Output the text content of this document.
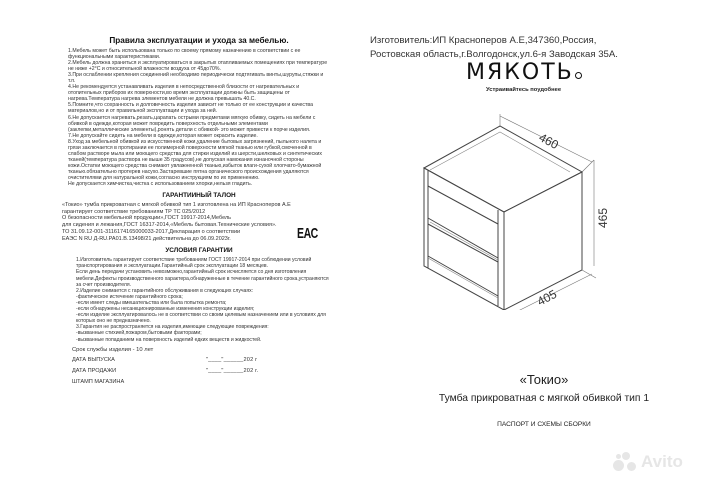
Правила эксплуатации и ухода за мебелью.

1.Мебель может быть использована только по своему прямому назначению в соответствии с ее функциональными характеристиками.

2.Мебель должна храниться и эксплуатироваться в закрытых отапливаемых помещениях при температуре не ниже +2°С и относительной влажности воздуха от 45до70%.

3.При ослаблении крепления соединений необходимо периодически подтягивать винты,шурупы,стяжки и т.п.

4.Не рекомендуется устанавливать изделия в непосредственной близости от нагревательных и отопительных приборов их поверхности,во время эксплуатации должны быть защищены от нагрева.Температура нагрева элементов мебели не должна превышать 40.С.

5.Помните,что сохранность и долговечность изделия зависит не только от ее конструкции и качества материалов,но и от правильной эксплуатации и ухода за ней.

6.Не допускается нагревать,резать,царапать острыми предметами мягкую обивку, сидеть на мебели с обивкой в одежде,которая может повредить поверхность отдельными элементами (заклепки,металлические элементы),ронять детали с обивкой- это может привести к порче изделия.

7.Не допускайте сидеть на мебели в одежде,которая может окрасить изделие.

8.Уход за мебельной обивкой из искусственной кожи,удаление бытовых загрязнений, пыльного налета и грязи заключается в протирании ее полимерной поверхности мягкой тканью или губкой,смоченной в слабом растворе мыла или моющего средства для стирки изделий из шерсти,шелковых и синтетических тканей(температура раствора не выше 35 градусов),не допуская намокания изнаночной стороны кожи.Остатки моющего средства снимают увлажненной тканью,избыток влаги-сухой хлопчато-бумажной тканью.обязательно протерев насухо.Застаревшие пятна органического происхождения удаляются очистителями для натуральной кожи,согласно инструкциям по их применению.

Не допускается химчистка,чистка с использованием хлорки,нельзя гладить.

ГАРАНТИИНЫЙ ТАЛОН

«Токио» тумба прикроватная с мягкой обивкой тип 1 изготовлена на ИП Красноперов А.Е

гарантирует соответствие требованиям ТР ТС 025/2012

О безопасности мебельной продукции»,ГОСТ 19917-2014,Мебель

для сидения и лежания,ГОСТ 16317-2014,«Мебель бытовая.Технические условия».

ТО 31.09.12-001-3116174165000033-2017,Декларация о соответствии

ЕАЭС N RU Д-RU.PA01.В.13498/21 действительна до 06.09.2023г.	ЕАС
УСЛОВИЯ ГАРАНТИИ

1.Изготовитель гарантирует соответствие требованиям ГОСТ 19917-2014 при соблюдении условий транспортирования и эксплуатации.Гарантийный срок эксплуатации 18 месяцев.

Если день передачи установить невозможно,гарантийный срок исчисляется со дня изготовления мебели.Дефекты производственного характера,обнаруженные в течение гарантийного срока,устраняются за счет производителя.

2.Изделие снимается с гарантийного обслуживания в следующих случаях:

-фактическое истечение гарантийного срока;

-если имеет следы вмешательства или была попытка ремонта;

-если обнаружены несанкционированные изменения конструкции изделия;

-если изделие эксплуатировалось не в соответствии со своим целевым назначением или в условиях для которых оно не предназначено.

3.Гарантия не распространяется на изделия,имеющие следующие повреждения:

-вызванные стихией,пожаром,бытовыми факторами;

-вызванные попаданием на поверхность изделий едких веществ и жидкостей.

Срок службы изделия - 10 лет
ДАТА ВЫПУСКА	"____"______202 г
ДАТА ПРОДАЖИ	"____"______202 г.
ШТАМП МАГАЗИНА
Изготовитель:ИП Красноперов А.Е,347360,Россия,
Ростовская область,г.Волгодонск,ул.6-я Заводская 35А.
МЯКОТЬ
Устраивайтесь поудобнее
460
465
405
«Токио»
Тумба прикроватная с мягкой обивкой тип 1
ПАСПОРТ И СХЕМЫ СБОРКИ
Avito
